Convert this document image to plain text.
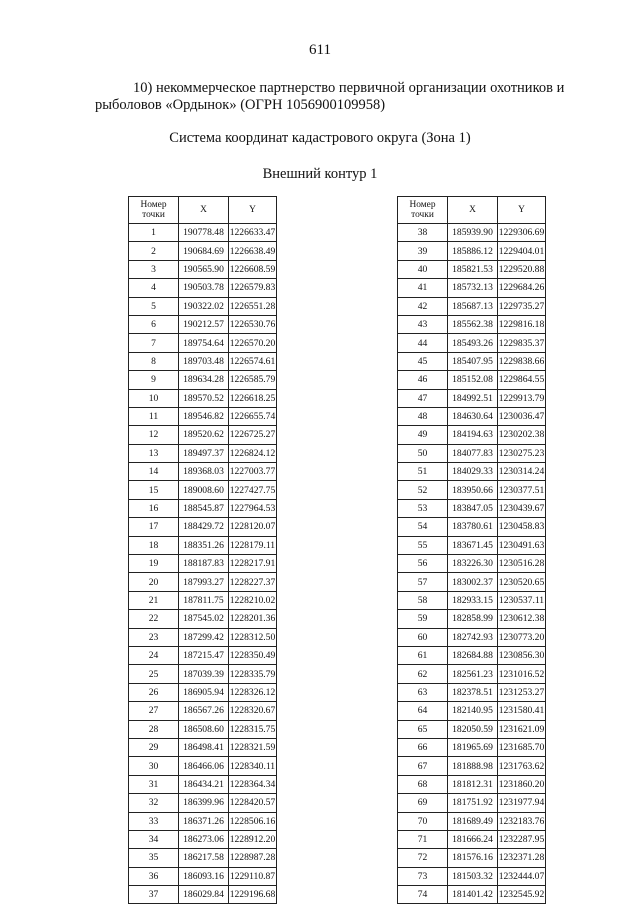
611
10) некоммерческое партнерство первичной организации охотников и
рыболовов «Ордынок» (ОГРН 1056900109958)
Система координат кадастрового округа (Зона 1)
Внешний контур 1
Номер точки	X	Y
1	190778.48	1226633.47
2	190684.69	1226638.49
3	190565.90	1226608.59
4	190503.78	1226579.83
5	190322.02	1226551.28
6	190212.57	1226530.76
7	189754.64	1226570.20
8	189703.48	1226574.61
9	189634.28	1226585.79
10	189570.52	1226618.25
11	189546.82	1226655.74
12	189520.62	1226725.27
13	189497.37	1226824.12
14	189368.03	1227003.77
15	189008.60	1227427.75
16	188545.87	1227964.53
17	188429.72	1228120.07
18	188351.26	1228179.11
19	188187.83	1228217.91
20	187993.27	1228227.37
21	187811.75	1228210.02
22	187545.02	1228201.36
23	187299.42	1228312.50
24	187215.47	1228350.49
25	187039.39	1228335.79
26	186905.94	1228326.12
27	186567.26	1228320.67
28	186508.60	1228315.75
29	186498.41	1228321.59
30	186466.06	1228340.11
31	186434.21	1228364.34
32	186399.96	1228420.57
33	186371.26	1228506.16
34	186273.06	1228912.20
35	186217.58	1228987.28
36	186093.16	1229110.87
37	186029.84	1229196.68
Номер точки	X	Y
38	185939.90	1229306.69
39	185886.12	1229404.01
40	185821.53	1229520.88
41	185732.13	1229684.26
42	185687.13	1229735.27
43	185562.38	1229816.18
44	185493.26	1229835.37
45	185407.95	1229838.66
46	185152.08	1229864.55
47	184992.51	1229913.79
48	184630.64	1230036.47
49	184194.63	1230202.38
50	184077.83	1230275.23
51	184029.33	1230314.24
52	183950.66	1230377.51
53	183847.05	1230439.67
54	183780.61	1230458.83
55	183671.45	1230491.63
56	183226.30	1230516.28
57	183002.37	1230520.65
58	182933.15	1230537.11
59	182858.99	1230612.38
60	182742.93	1230773.20
61	182684.88	1230856.30
62	182561.23	1231016.52
63	182378.51	1231253.27
64	182140.95	1231580.41
65	182050.59	1231621.09
66	181965.69	1231685.70
67	181888.98	1231763.62
68	181812.31	1231860.20
69	181751.92	1231977.94
70	181689.49	1232183.76
71	181666.24	1232287.95
72	181576.16	1232371.28
73	181503.32	1232444.07
74	181401.42	1232545.92
